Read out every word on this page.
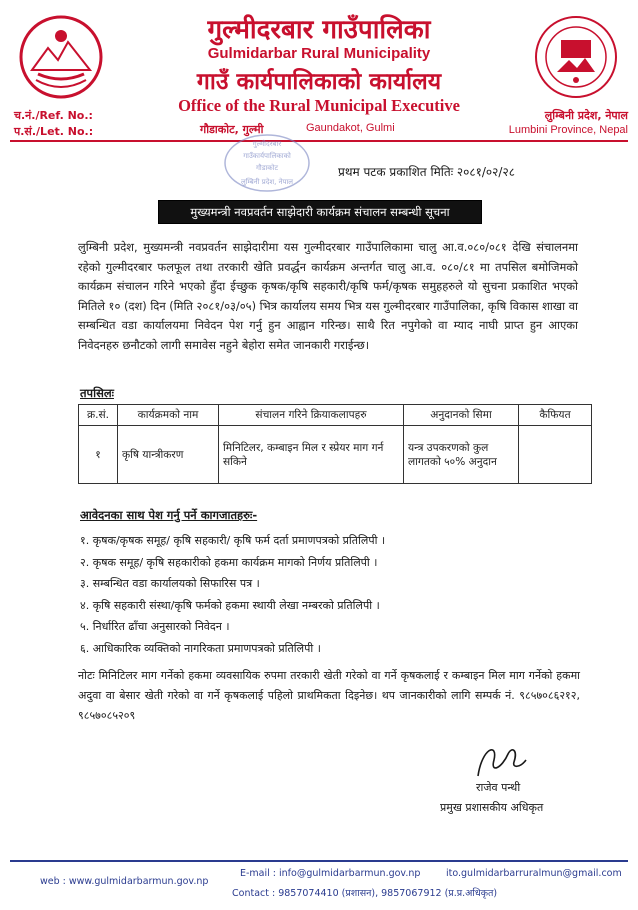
गुल्मीदरबार गाउँपालिका
Gulmidarbar Rural Municipality
गाउँ कार्यपालिकाको कार्यालय
Office of the Rural Municipal Executive
च.नं./Ref. No.:
प.सं./Let. No.:	गौडाकोट, गुल्मी	Gaundakot, Gulmi
लुम्बिनी प्रदेश, नेपाल
Lumbini Province, Nepal
गुल्मीदरबार
गाउँकार्यपालिकाको
गौडाकोट
लुम्बिनी प्रदेश, नेपाल
प्रथम पटक प्रकाशित मितिः २०८१/०२/२८
मुख्यमन्त्री नवप्रवर्तन साझेदारी कार्यक्रम संचालन सम्बन्धी सूचना
लुम्बिनी प्रदेश, मुख्यमन्त्री नवप्रवर्तन साझेदारीमा यस गुल्मीदरबार गाउँपालिकामा चालु आ.व.०८०/०८१ देखि संचालनमा रहेको गुल्मीदरबार फलफूल तथा तरकारी खेति प्रवर्द्धन कार्यक्रम अन्तर्गत चालु आ.व. ०८०/८१ मा तपसिल बमोजिमको कार्यक्रम संचालन गरिने भएको हुँदा ईच्छुक कृषक/कृषि सहकारी/कृषि फर्म/कृषक समुहहरुले यो सुचना प्रकाशित भएको मितिले १० (दश) दिन (मिति २०८१/०३/०५) भित्र कार्यालय समय भित्र यस गुल्मीदरबार गाउँपालिका, कृषि विकास शाखा वा सम्बन्धित वडा कार्यालयमा निवेदन पेश गर्नु हुन आह्वान गरिन्छ। साथै रित नपुगेको वा म्याद नाघी प्राप्त हुन आएका निवेदनहरु छनौटको लागी समावेस नहुने बेहोरा समेत जानकारी गराईन्छ।
तपसिलः
क्र.सं.	कार्यक्रमको नाम	संचालन गरिने क्रियाकलापहरु	अनुदानको सिमा	कैफियत
१	कृषि यान्त्रीकरण	मिनिटिलर, कम्बाइन मिल र स्प्रेयर माग गर्न सकिने	यन्त्र उपकरणको कुल लागतको ५०% अनुदान	
आवेदनका साथ पेश गर्नु पर्ने कागजातहरुः-
१. कृषक/कृषक समूह/ कृषि सहकारी/ कृषि फर्म दर्ता प्रमाणपत्रको प्रतिलिपी ।
२. कृषक समूह/ कृषि सहकारीको हकमा कार्यक्रम मागको निर्णय प्रतिलिपी ।
३. सम्बन्धित वडा कार्यालयको सिफारिस पत्र ।
४. कृषि सहकारी संस्था/कृषि फर्मको हकमा स्थायी लेखा नम्बरको प्रतिलिपी ।
५. निर्धारित ढाँचा अनुसारको निवेदन ।
६. आधिकारिक व्यक्तिको नागरिकता प्रमाणपत्रको प्रतिलिपी ।
नोटः मिनिटिलर माग गर्नेको हकमा व्यवसायिक रुपमा तरकारी खेती गरेको वा गर्ने कृषकलाई र कम्बाइन मिल माग गर्नेको हकमा अदुवा वा बेसार खेती गरेको वा गर्ने कृषकलाई पहिलो प्राथमिकता दिइनेछ। थप जानकारीको लागि सम्पर्क नं. ९८५७०८६२१२, ९८५७०८५२०९
राजेव पन्थी
प्रमुख प्रशासकीय अधिकृत
web : www.gulmidarbarmun.gov.np
E-mail : info@gulmidarbarmun.gov.np	ito.gulmidarbarruralmun@gmail.com
Contact : 9857074410 (प्रशासन), 9857067912 (प्र.प्र.अधिकृत)
